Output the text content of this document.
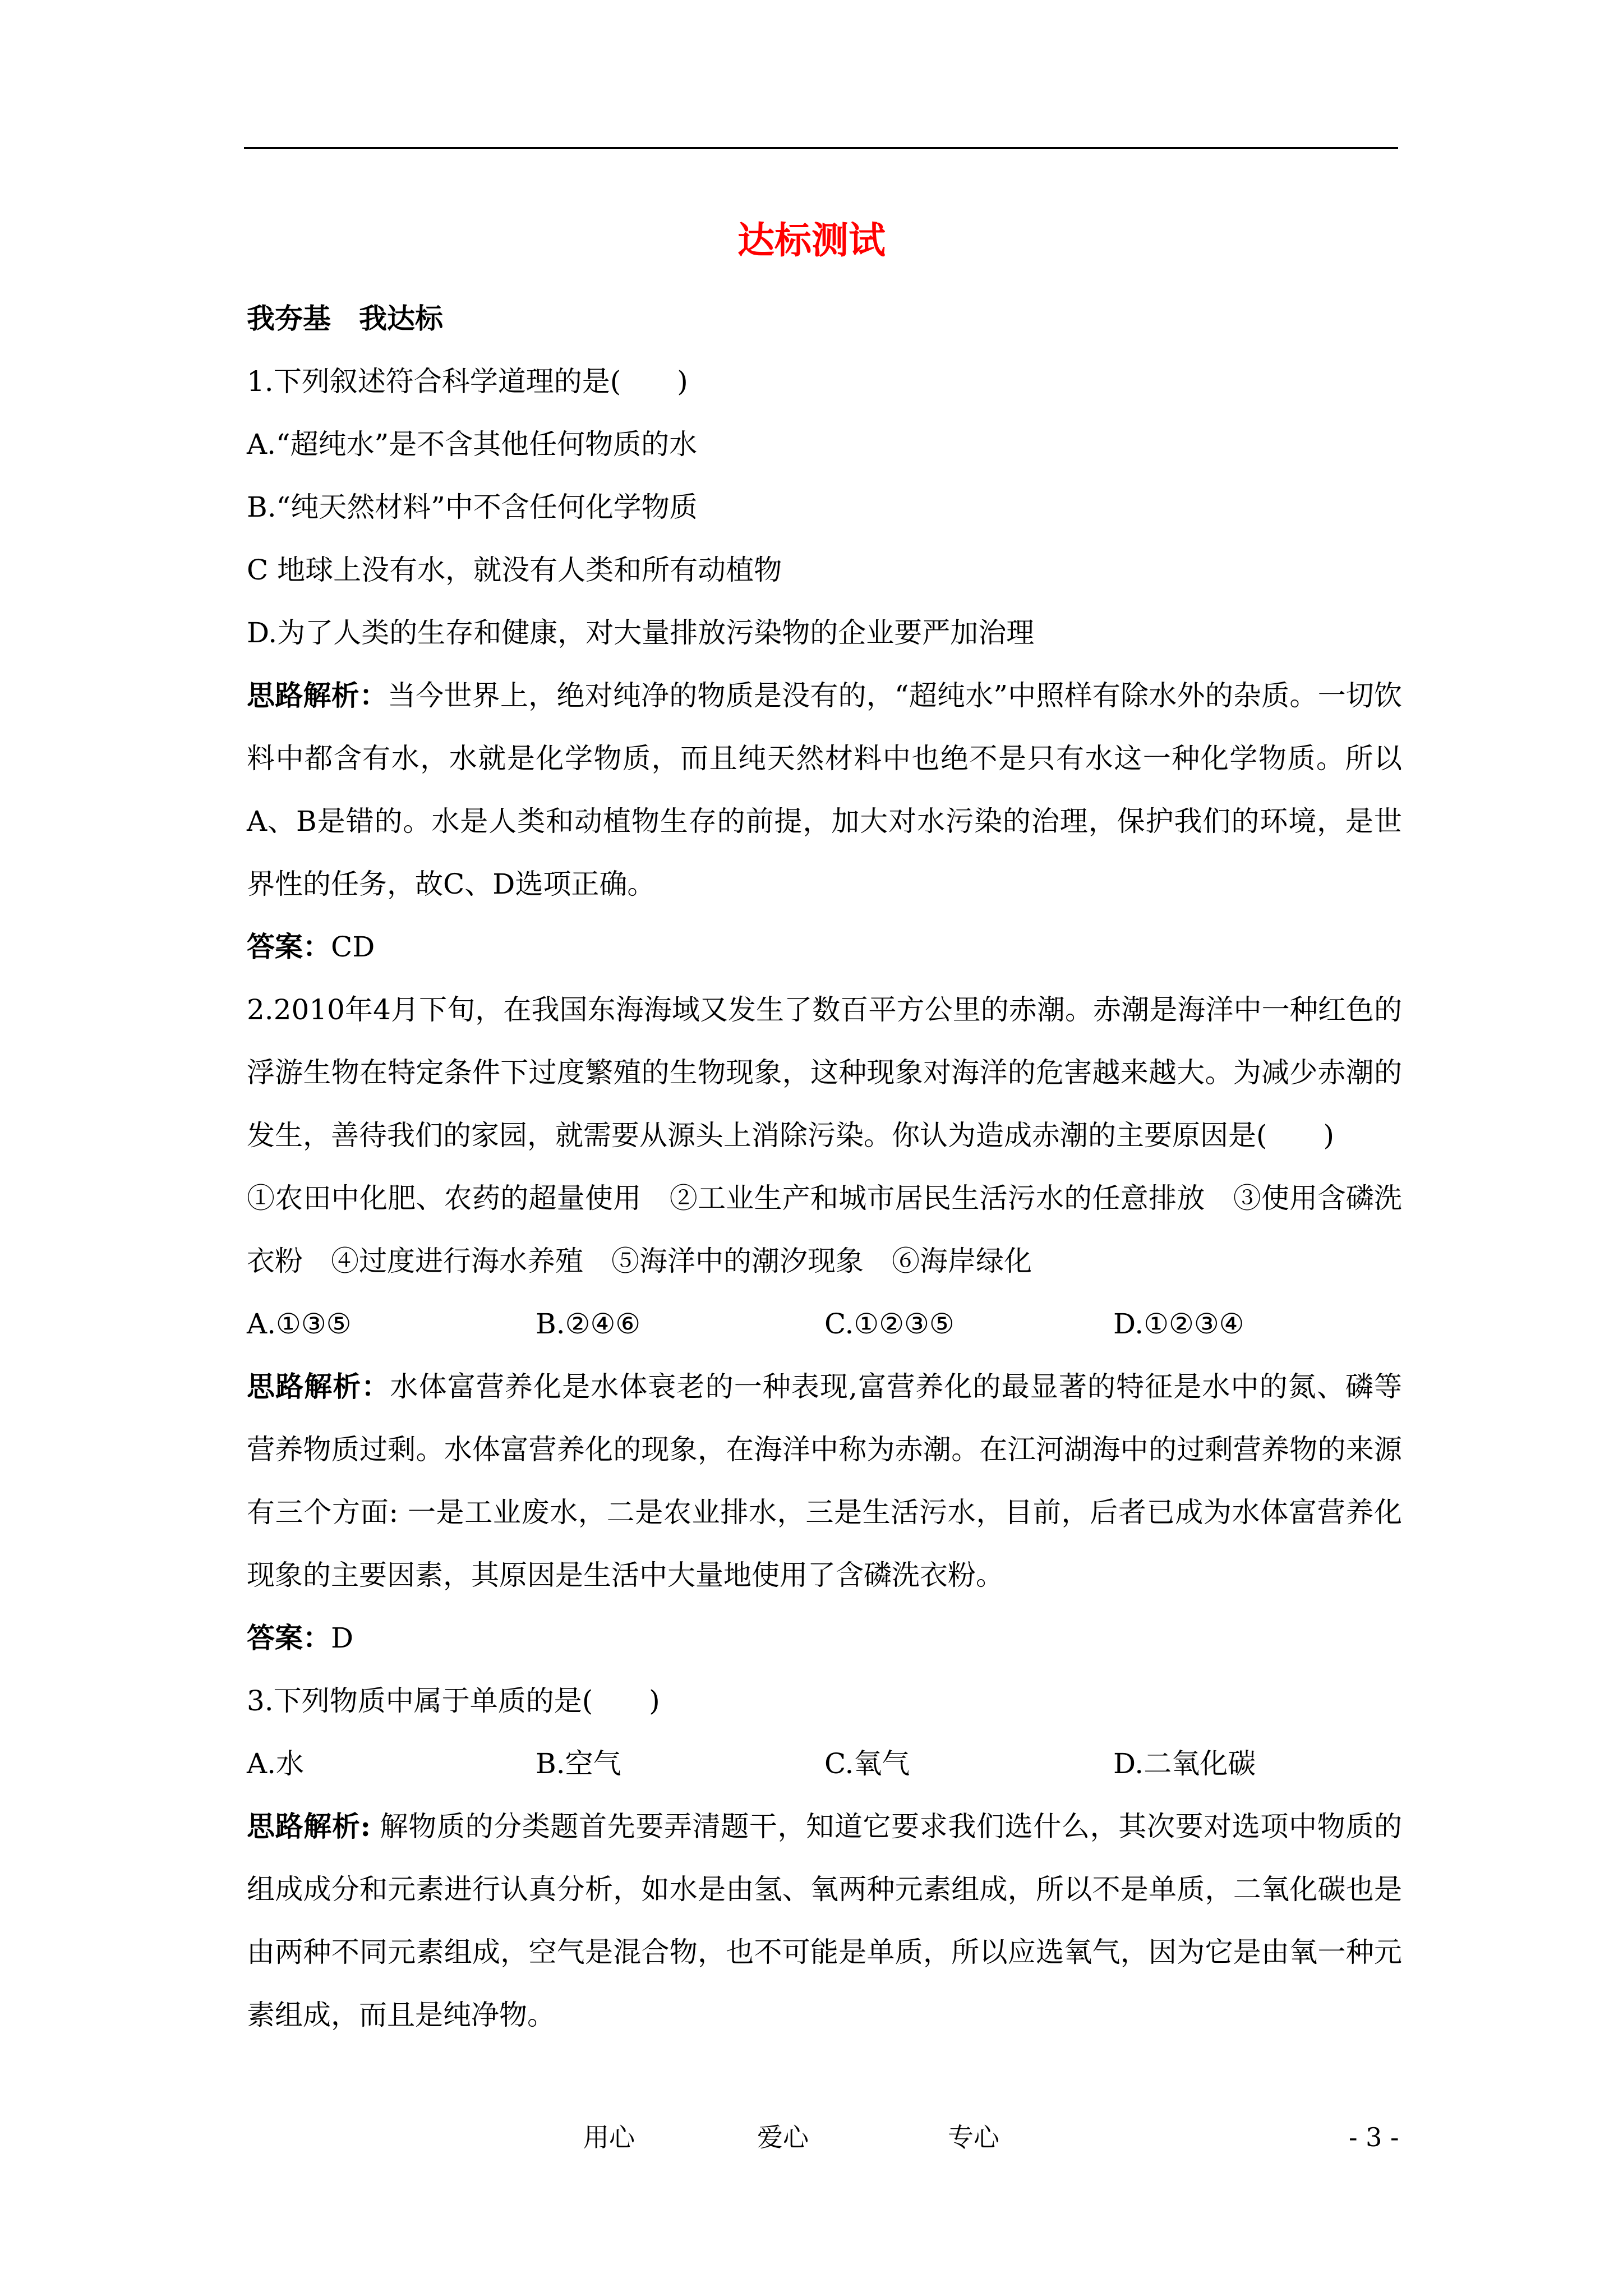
达标测试
我夯基　我达标
1.下列叙述符合科学道理的是(　　)
A.“超纯水”是不含其他任何物质的水
B.“纯天然材料”中不含任何化学物质
C 地球上没有水，就没有人类和所有动植物
D.为了人类的生存和健康，对大量排放污染物的企业要严加治理
思路解析：当今世界上，绝对纯净的物质是没有的，“超纯水”中照样有除水外的杂质。一切饮料中都含有水，水就是化学物质，而且纯天然材料中也绝不是只有水这一种化学物质。所以A、B是错的。水是人类和动植物生存的前提，加大对水污染的治理，保护我们的环境，是世界性的任务，故C、D选项正确。
答案：CD
2.2010年4月下旬，在我国东海海域又发生了数百平方公里的赤潮。赤潮是海洋中一种红色的浮游生物在特定条件下过度繁殖的生物现象，这种现象对海洋的危害越来越大。为减少赤潮的发生，善待我们的家园，就需要从源头上消除污染。你认为造成赤潮的主要原因是(　　)
①农田中化肥、农药的超量使用　②工业生产和城市居民生活污水的任意排放　③使用含磷洗衣粉　④过度进行海水养殖　⑤海洋中的潮汐现象　⑥海岸绿化
A.①③⑤	B.②④⑥	C.①②③⑤	D.①②③④
思路解析：水体富营养化是水体衰老的一种表现,富营养化的最显著的特征是水中的氮、磷等营养物质过剩。水体富营养化的现象，在海洋中称为赤潮。在江河湖海中的过剩营养物的来源有三个方面: 一是工业废水，二是农业排水，三是生活污水，目前，后者已成为水体富营养化现象的主要因素，其原因是生活中大量地使用了含磷洗衣粉。
答案：D
3.下列物质中属于单质的是(　　)
A.水	B.空气	C.氧气	D.二氧化碳
思路解析: 解物质的分类题首先要弄清题干，知道它要求我们选什么，其次要对选项中物质的组成成分和元素进行认真分析，如水是由氢、氧两种元素组成，所以不是单质，二氧化碳也是由两种不同元素组成，空气是混合物，也不可能是单质，所以应选氧气，因为它是由氧一种元素组成，而且是纯净物。
用心	爱心	专心	- 3 -
